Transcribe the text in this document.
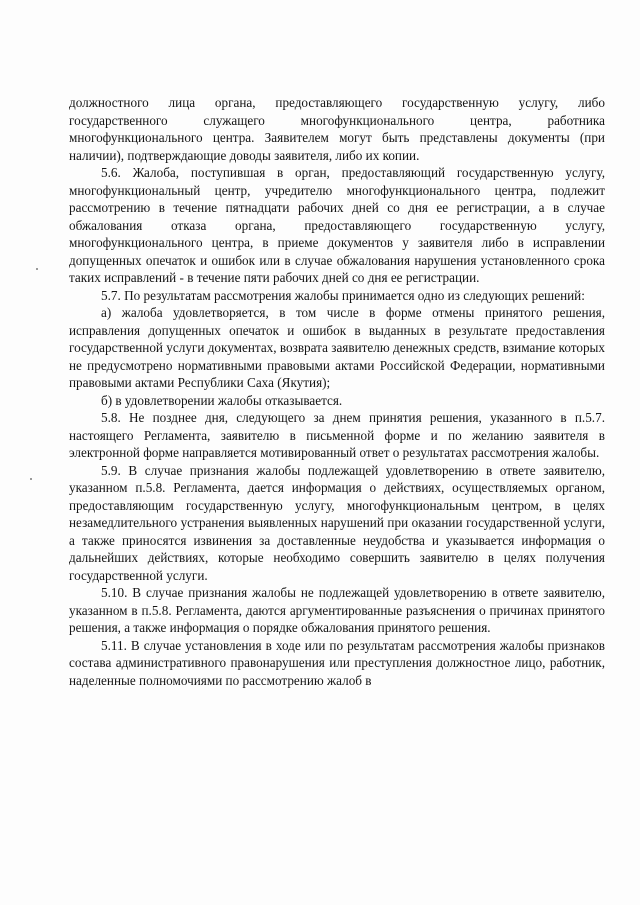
должностного лица органа, предоставляющего государственную услугу, либо государственного служащего многофункционального центра, работника многофункционального центра. Заявителем могут быть представлены документы (при наличии), подтверждающие доводы заявителя, либо их копии.

5.6. Жалоба, поступившая в орган, предоставляющий государственную услугу, многофункциональный центр, учредителю многофункционального центра, подлежит рассмотрению в течение пятнадцати рабочих дней со дня ее регистрации, а в случае обжалования отказа органа, предоставляющего государственную услугу, многофункционального центра, в приеме документов у заявителя либо в исправлении допущенных опечаток и ошибок или в случае обжалования нарушения установленного срока таких исправлений - в течение пяти рабочих дней со дня ее регистрации.

5.7. По результатам рассмотрения жалобы принимается одно из следующих решений:

а) жалоба удовлетворяется, в том числе в форме отмены принятого решения, исправления допущенных опечаток и ошибок в выданных в результате предоставления государственной услуги документах, возврата заявителю денежных средств, взимание которых не предусмотрено нормативными правовыми актами Российской Федерации, нормативными правовыми актами Республики Саха (Якутия);

б) в удовлетворении жалобы отказывается.

5.8. Не позднее дня, следующего за днем принятия решения, указанного в п.5.7. настоящего Регламента, заявителю в письменной форме и по желанию заявителя в электронной форме направляется мотивированный ответ о результатах рассмотрения жалобы.

5.9. В случае признания жалобы подлежащей удовлетворению в ответе заявителю, указанном п.5.8. Регламента, дается информация о действиях, осуществляемых органом, предоставляющим государственную услугу, многофункциональным центром, в целях незамедлительного устранения выявленных нарушений при оказании государственной услуги, а также приносятся извинения за доставленные неудобства и указывается информация о дальнейших действиях, которые необходимо совершить заявителю в целях получения государственной услуги.

5.10. В случае признания жалобы не подлежащей удовлетворению в ответе заявителю, указанном в п.5.8. Регламента, даются аргументированные разъяснения о причинах принятого решения, а также информация о порядке обжалования принятого решения.

5.11. В случае установления в ходе или по результатам рассмотрения жалобы признаков состава административного правонарушения или преступления должностное лицо, работник, наделенные полномочиями по рассмотрению жалоб в
